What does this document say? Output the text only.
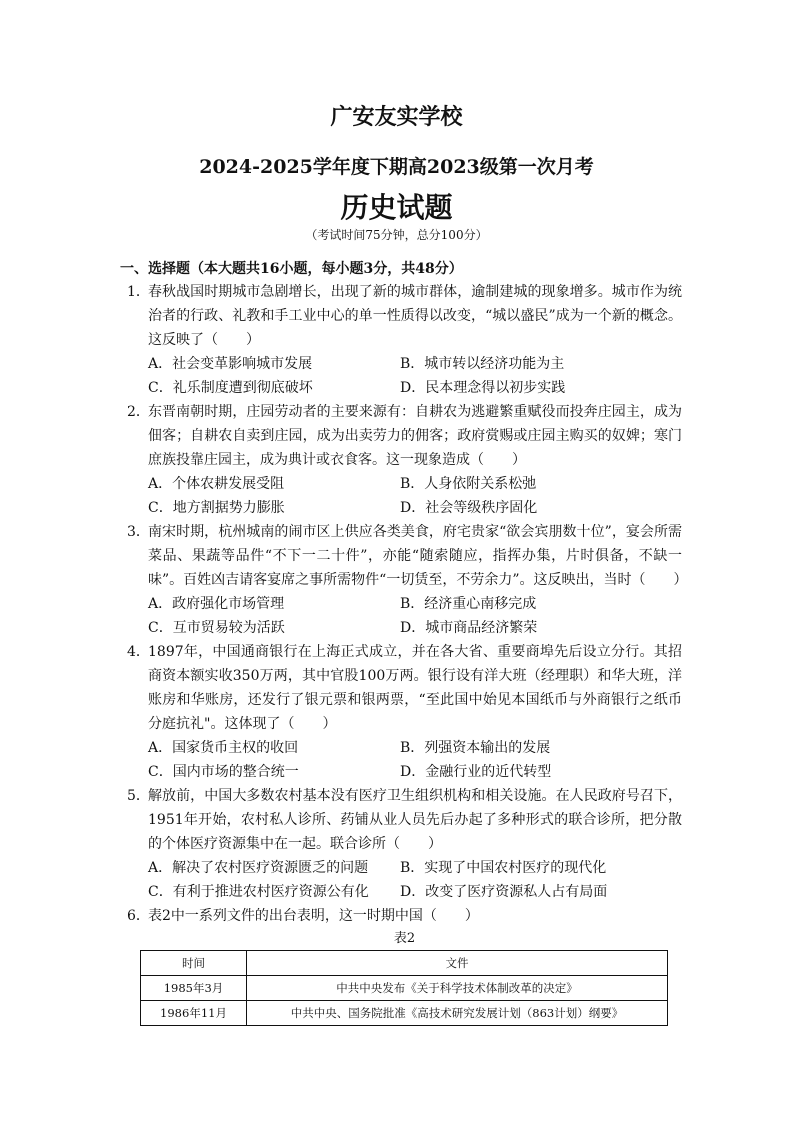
广安友实学校
2024-2025学年度下期高2023级第一次月考
历史试题
（考试时间75分钟，总分100分）
一、选择题（本大题共16小题，每小题3分，共48分）
1．
春秋战国时期城市急剧增长，出现了新的城市群体，逾制建城的现象增多。城市作为统治者的行政、礼教和手工业中心的单一性质得以改变，“城以盛民”成为一个新的概念。这反映了（　　）
A．社会变革影响城市发展	B．城市转以经济功能为主
C．礼乐制度遭到彻底破坏	D．民本理念得以初步实践
2．
东晋南朝时期，庄园劳动者的主要来源有：自耕农为逃避繁重赋役而投奔庄园主，成为佃客；自耕农自卖到庄园，成为出卖劳力的佣客；政府赏赐或庄园主购买的奴婢；寒门庶族投靠庄园主，成为典计或衣食客。这一现象造成（　　）
A．个体农耕发展受阻	B．人身依附关系松弛
C．地方割据势力膨胀	D．社会等级秩序固化
3．
南宋时期，杭州城南的闹市区上供应各类美食，府宅贵家“欲会宾朋数十位”，宴会所需菜品、果蔬等品件“不下一二十件”，亦能“随索随应，指挥办集，片时俱备，不缺一味”。百姓凶吉请客宴席之事所需物件“一切赁至，不劳余力”。这反映出，当时（　　）
A．政府强化市场管理	B．经济重心南移完成
C．互市贸易较为活跃	D．城市商品经济繁荣
4．
1897年，中国通商银行在上海正式成立，并在各大省、重要商埠先后设立分行。其招商资本额实收350万两，其中官股100万两。银行设有洋大班（经理职）和华大班，洋账房和华账房，还发行了银元票和银两票，“至此国中始见本国纸币与外商银行之纸币分庭抗礼"。这体现了（　　）
A．国家货币主权的收回	B．列强资本输出的发展
C．国内市场的整合统一	D．金融行业的近代转型
5．
解放前，中国大多数农村基本没有医疗卫生组织机构和相关设施。在人民政府号召下，1951年开始，农村私人诊所、药铺从业人员先后办起了多种形式的联合诊所，把分散的个体医疗资源集中在一起。联合诊所（　　）
A．解决了农村医疗资源匮乏的问题	B．实现了中国农村医疗的现代化
C．有利于推进农村医疗资源公有化	D．改变了医疗资源私人占有局面
6．
表2中一系列文件的出台表明，这一时期中国（　　）
表2
时间	文件
1985年3月	中共中央发布《关于科学技术体制改革的决定》
1986年11月	中共中央、国务院批准《高技术研究发展计划（863计划）纲要》
